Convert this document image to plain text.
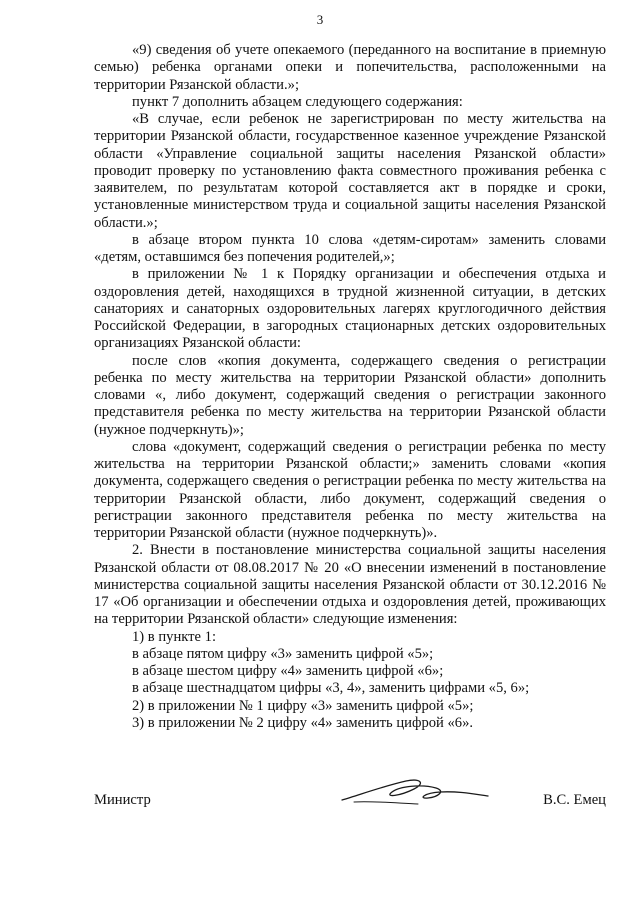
3

«9) сведения об учете опекаемого (переданного на воспитание в приемную семью) ребенка органами опеки и попечительства, расположенными на территории Рязанской области.»;

пункт 7 дополнить абзацем следующего содержания:

«В случае, если ребенок не зарегистрирован по месту жительства на территории Рязанской области, государственное казенное учреждение Рязанской области «Управление социальной защиты населения Рязанской области» проводит проверку по установлению факта совместного проживания ребенка с заявителем, по результатам которой составляется акт в порядке и сроки, установленные министерством труда и социальной защиты населения Рязанской области.»;

в абзаце втором пункта 10 слова «детям-сиротам» заменить словами «детям, оставшимся без попечения родителей,»;

в приложении № 1 к Порядку организации и обеспечения отдыха и оздоровления детей, находящихся в трудной жизненной ситуации, в детских санаториях и санаторных оздоровительных лагерях круглогодичного действия Российской Федерации, в загородных стационарных детских оздоровительных организациях Рязанской области:

после слов «копия документа, содержащего сведения о регистрации ребенка по месту жительства на территории Рязанской области» дополнить словами «, либо документ, содержащий сведения о регистрации законного представителя ребенка по месту жительства на территории Рязанской области (нужное подчеркнуть)»;

слова «документ, содержащий сведения о регистрации ребенка по месту жительства на территории Рязанской области;» заменить словами «копия документа, содержащего сведения о регистрации ребенка по месту жительства на территории Рязанской области, либо документ, содержащий сведения о регистрации законного представителя ребенка по месту жительства на территории Рязанской области (нужное подчеркнуть)».

2. Внести в постановление министерства социальной защиты населения Рязанской области от 08.08.2017 № 20 «О внесении изменений в постановление министерства социальной защиты населения Рязанской области от 30.12.2016 № 17 «Об организации и обеспечении отдыха и оздоровления детей, проживающих на территории Рязанской области» следующие изменения:

1) в пункте 1:

в абзаце пятом цифру «3» заменить цифрой «5»;

в абзаце шестом цифру «4» заменить цифрой «6»;

в абзаце шестнадцатом цифры «3, 4», заменить цифрами «5, 6»;

2) в приложении № 1 цифру «3» заменить цифрой «5»;

3) в приложении № 2 цифру «4» заменить цифрой «6».

Министр	В.С. Емец
